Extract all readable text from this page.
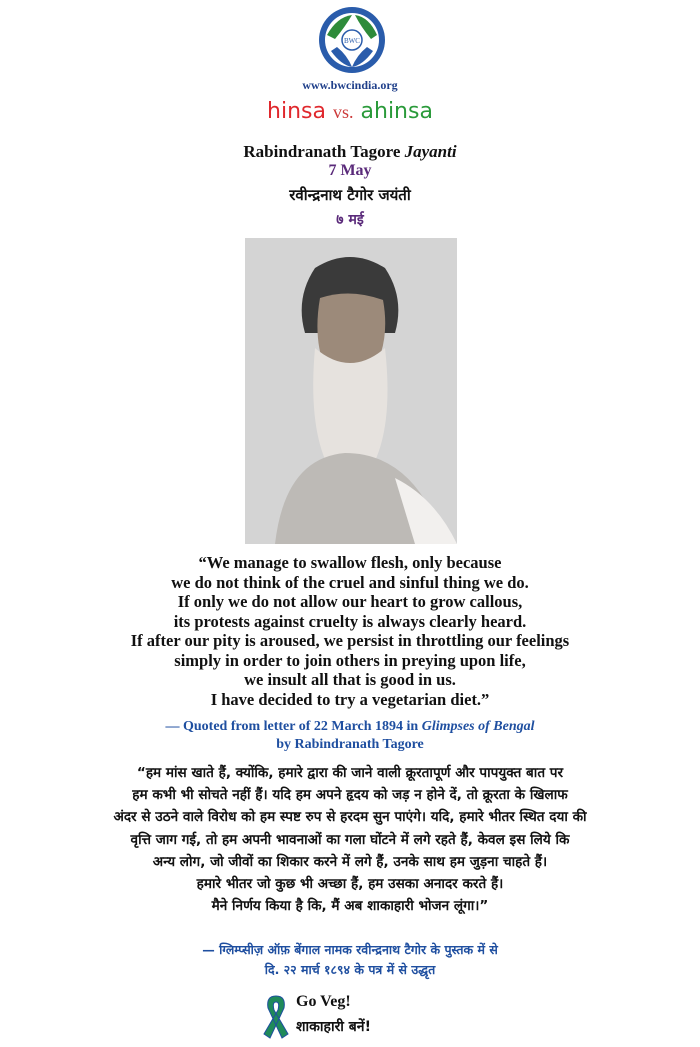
BWC
www.bwcindia.org
hinsa vs. ahinsa
Rabindranath Tagore Jayanti
7 May
रवीन्द्रनाथ टैगोर जयंती
७ मई
“We manage to swallow flesh, only because
we do not think of the cruel and sinful thing we do.
If only we do not allow our heart to grow callous,
its protests against cruelty is always clearly heard.
If after our pity is aroused, we persist in throttling our feelings
simply in order to join others in preying upon life,
we insult all that is good in us.
I have decided to try a vegetarian diet.”
— Quoted from letter of 22 March 1894 in Glimpses of Bengal
by Rabindranath Tagore
“हम मांस खाते हैं, क्योंकि, हमारे द्वारा की जाने वाली क्रूरतापूर्ण और पापयुक्त बात पर
हम कभी भी सोचते नहीं हैं। यदि हम अपने हृदय को जड़ न होने दें, तो क्रूरता के खिलाफ
अंदर से उठने वाले विरोध को हम स्पष्ट रुप से हरदम सुन पाएंगे। यदि, हमारे भीतर स्थित दया की
वृत्ति जाग गई, तो हम अपनी भावनाओं का गला घोंटने में लगे रहते हैं, केवल इस लिये कि
अन्य लोग, जो जीवों का शिकार करने में लगे हैं, उनके साथ हम जुड़ना चाहते हैं।
हमारे भीतर जो कुछ भी अच्छा हैं, हम उसका अनादर करते हैं।
मैने निर्णय किया है कि, मैं अब शाकाहारी भोजन लूंगा।”
— ग्लिम्प्सीज़ ऑफ़ बेंगाल नामक रवीन्द्रनाथ टैगोर के पुस्तक में से
दि. २२ मार्च १८९४ के पत्र में से उद्धृत
Go Veg!
शाकाहारी बनें!
